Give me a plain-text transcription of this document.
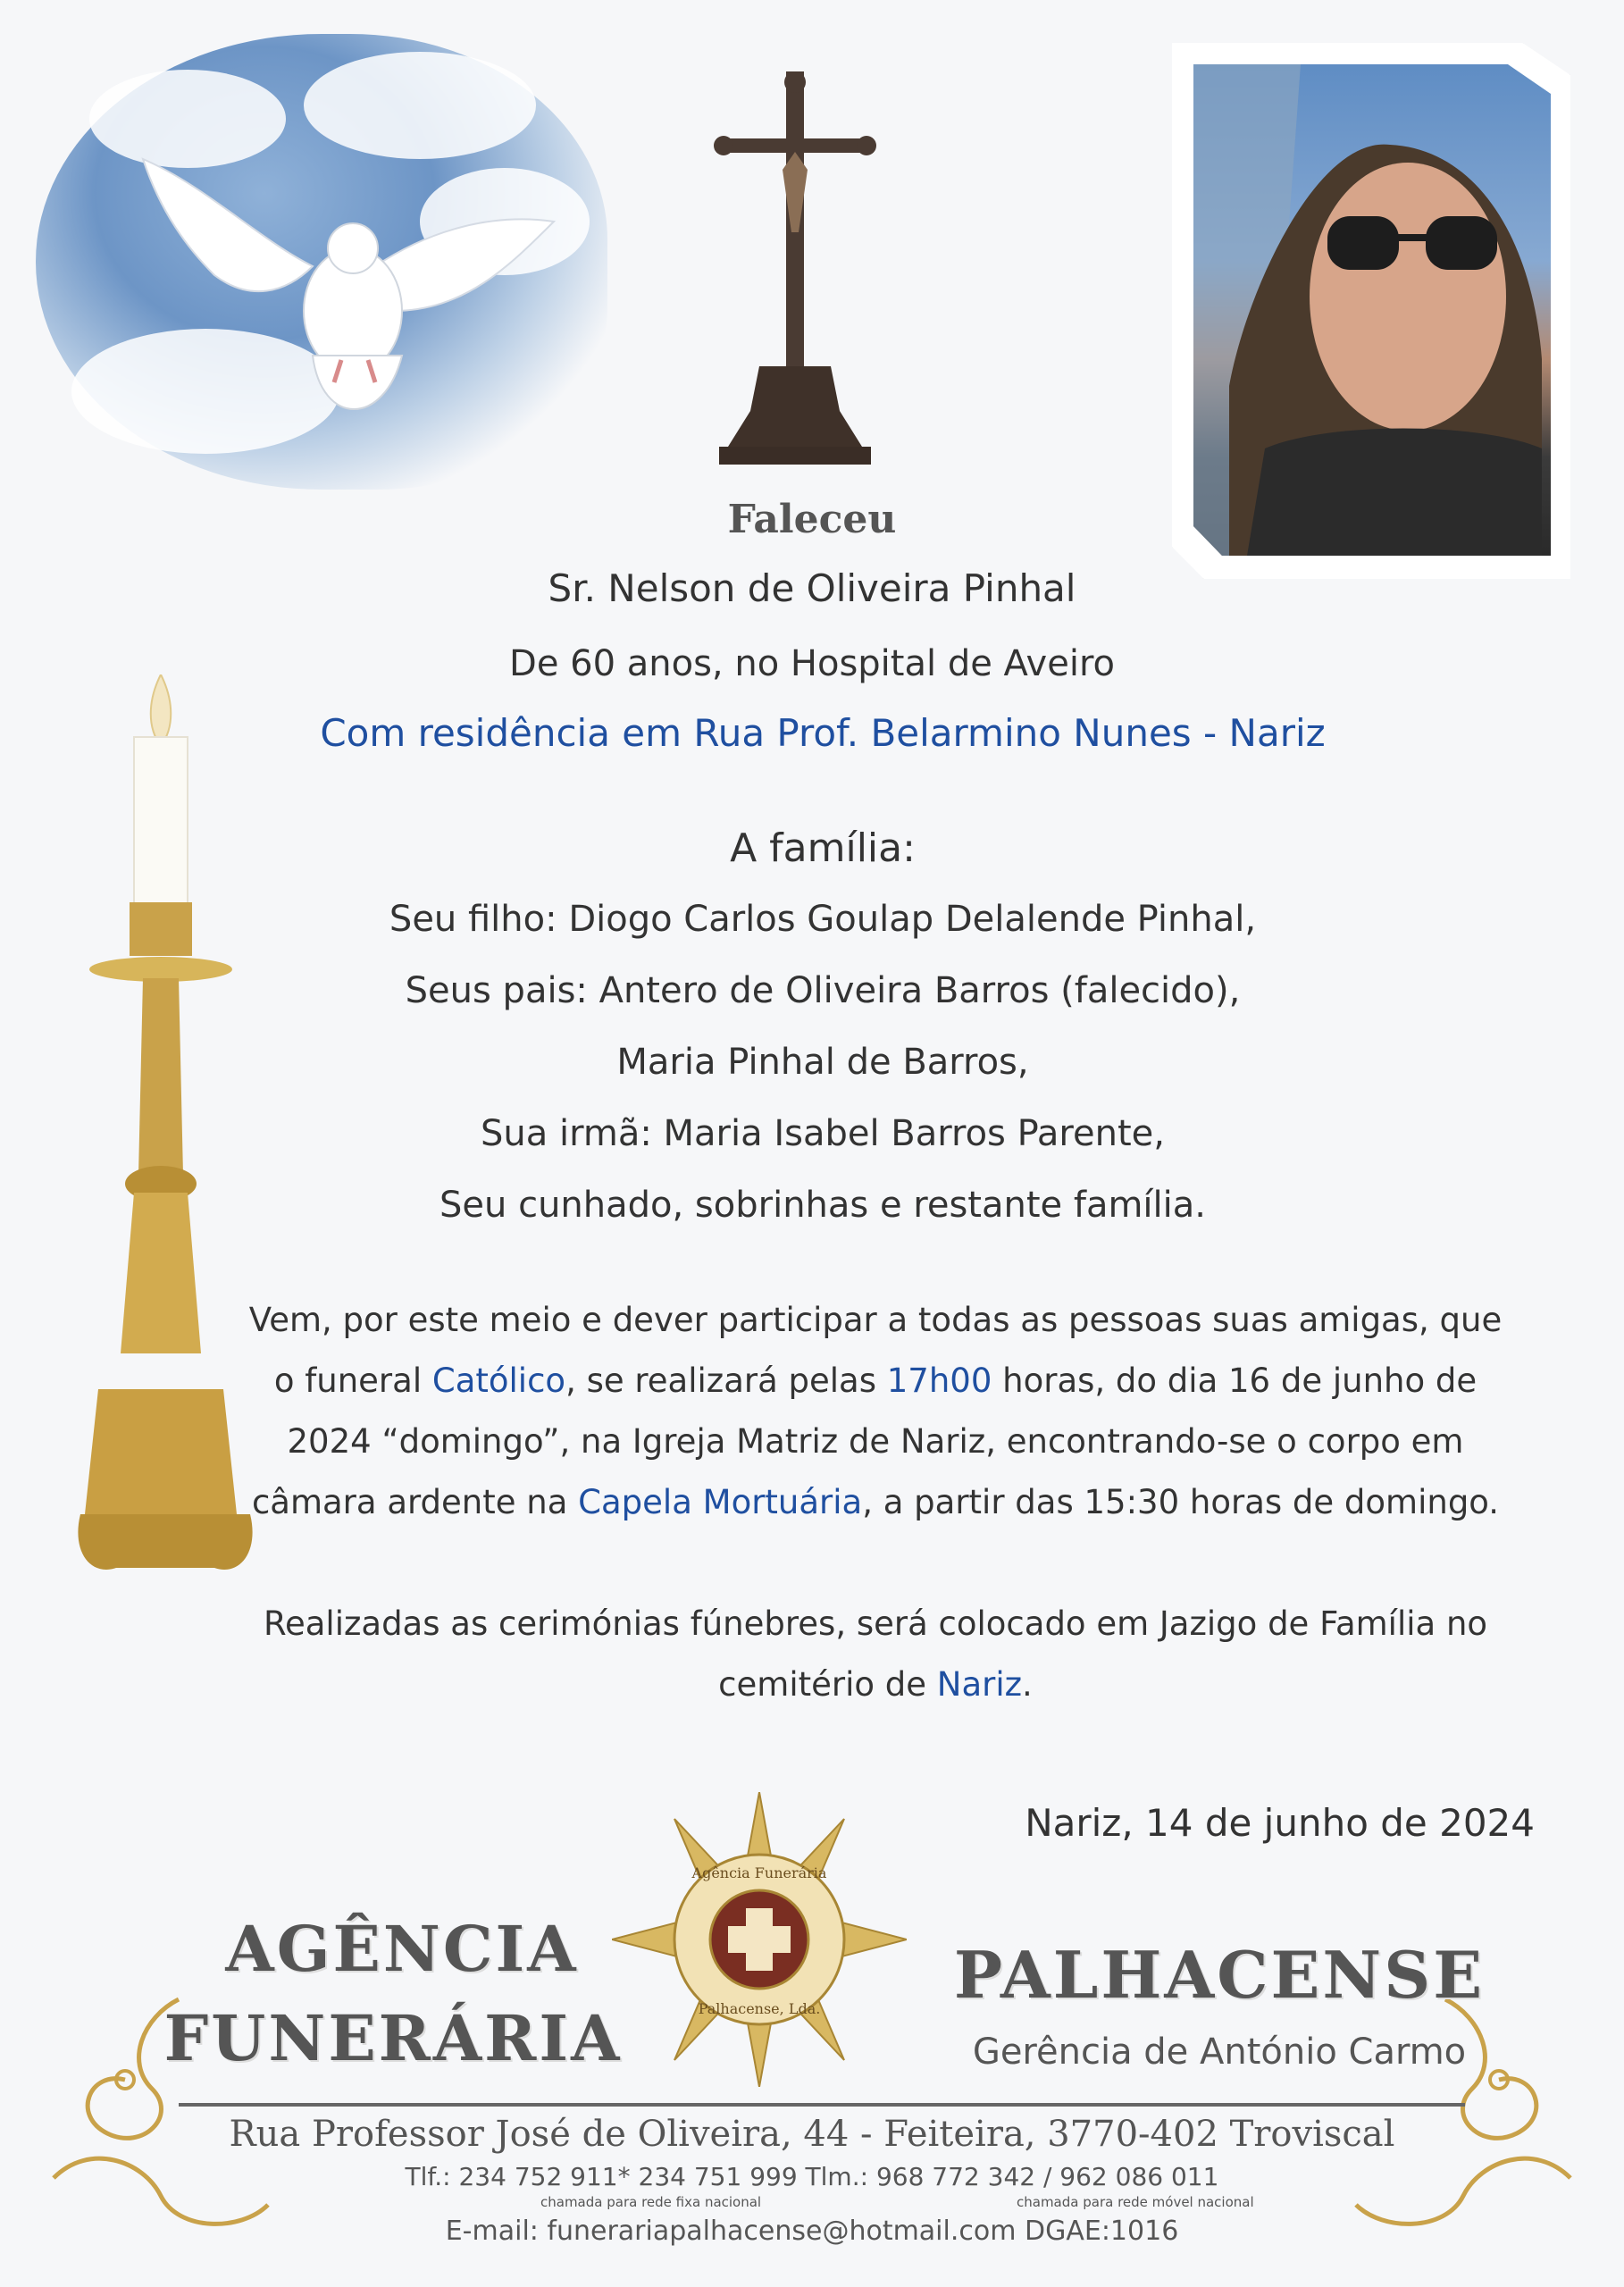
Faleceu
Sr. Nelson de Oliveira Pinhal
De 60 anos, no Hospital de Aveiro
Com residência em Rua Prof. Belarmino Nunes - Nariz
A família:
Seu filho: Diogo Carlos Goulap Delalende Pinhal,
Seus pais: Antero de Oliveira Barros (falecido),
Maria Pinhal de Barros,
Sua irmã: Maria Isabel Barros Parente,
Seu cunhado, sobrinhas e restante família.
Vem, por este meio e dever participar a todas as pessoas suas amigas, que o funeral Católico, se realizará pelas 17h00 horas, do dia 16 de junho de 2024 “domingo”, na Igreja Matriz de Nariz, encontrando-se o corpo em câmara ardente na Capela Mortuária, a partir das 15:30 horas de domingo.
Realizadas as cerimónias fúnebres, será colocado em Jazigo de Família no cemitério de Nariz.
Nariz, 14 de junho de 2024
Agência Funerária
Palhacense, Lda.
AGÊNCIA
FUNERÁRIA
PALHACENSE
Gerência de António Carmo
Rua Professor José de Oliveira, 44 - Feiteira, 3770-402 Troviscal
Tlf.: 234 752 911* 234 751 999 Tlm.: 968 772 342 / 962 086 011
chamada para rede fixa nacional	chamada para rede móvel nacional
E-mail: funerariapalhacense@hotmail.com DGAE:1016
